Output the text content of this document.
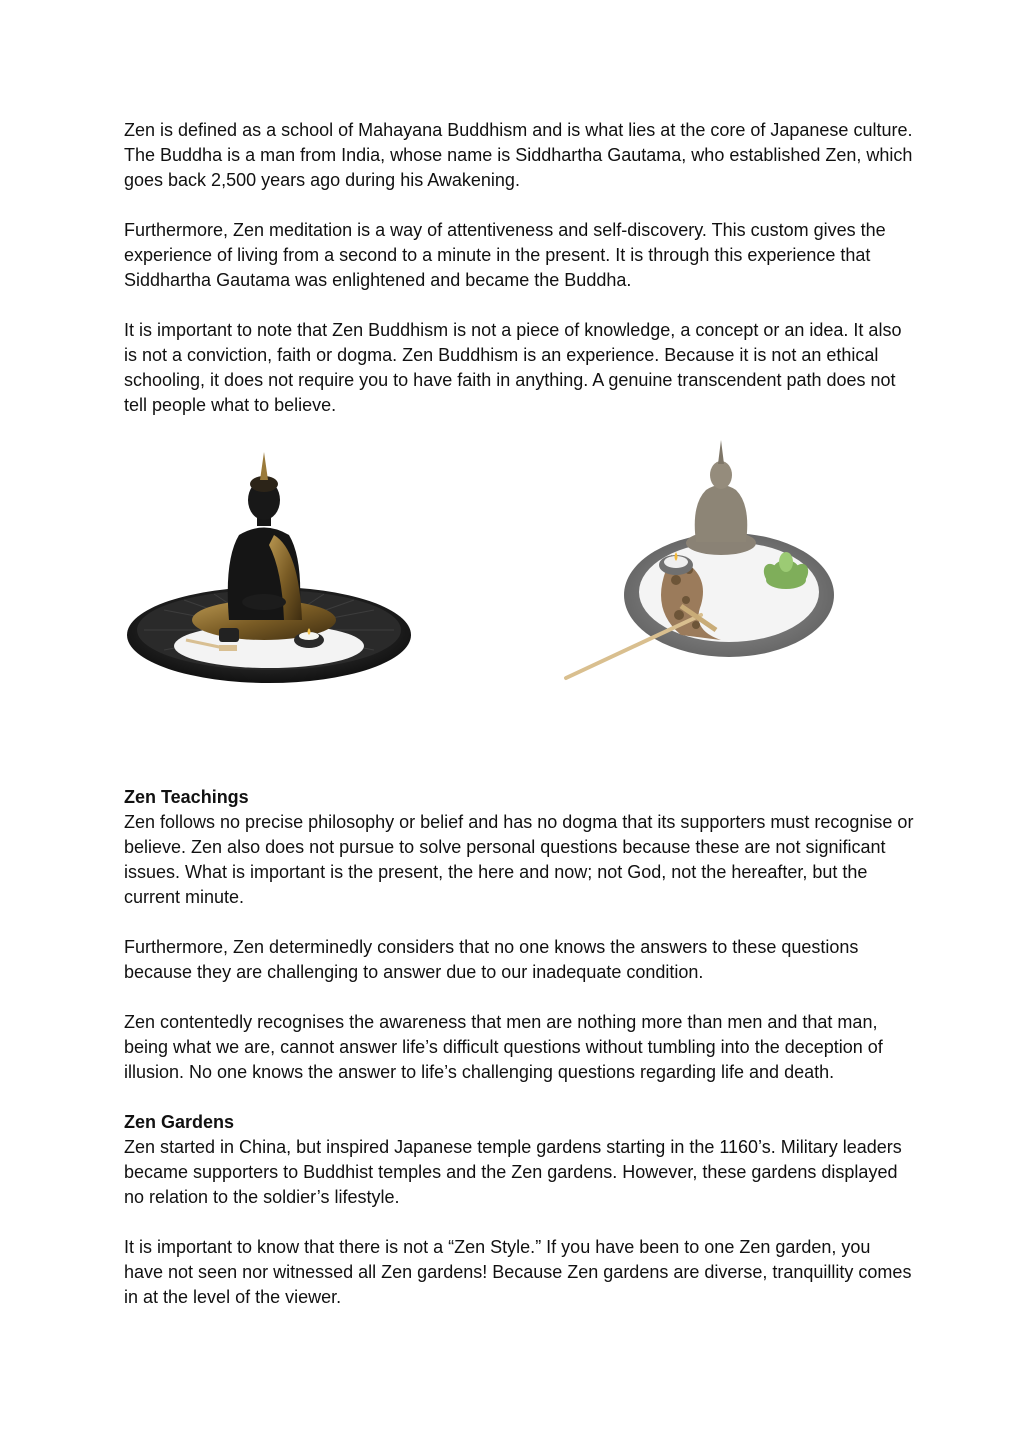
Zen is defined as a school of Mahayana Buddhism and is what lies at the core of Japanese culture. The Buddha is a man from India, whose name is Siddhartha Gautama, who established Zen, which goes back 2,500 years ago during his Awakening.

Furthermore, Zen meditation is a way of attentiveness and self-discovery. This custom gives the experience of living from a second to a minute in the present. It is through this experience that Siddhartha Gautama was enlightened and became the Buddha.

It is important to note that Zen Buddhism is not a piece of knowledge, a concept or an idea. It also is not a conviction, faith or dogma. Zen Buddhism is an experience. Because it is not an ethical schooling, it does not require you to have faith in anything. A genuine transcendent path does not tell people what to believe.

Zen Teachings

Zen follows no precise philosophy or belief and has no dogma that its supporters must recognise or believe. Zen also does not pursue to solve personal questions because these are not significant issues. What is important is the present, the here and now; not God, not the hereafter, but the current minute.

Furthermore, Zen determinedly considers that no one knows the answers to these questions because they are challenging to answer due to our inadequate condition.

Zen contentedly recognises the awareness that men are nothing more than men and that man, being what we are, cannot answer life’s difficult questions without tumbling into the deception of illusion. No one knows the answer to life’s challenging questions regarding life and death.

Zen Gardens

Zen started in China, but inspired Japanese temple gardens starting in the 1160’s. Military leaders became supporters to Buddhist temples and the Zen gardens. However, these gardens displayed no relation to the soldier’s lifestyle.

It is important to know that there is not a “Zen Style.” If you have been to one Zen garden, you have not seen nor witnessed all Zen gardens! Because Zen gardens are diverse, tranquillity comes in at the level of the viewer.
